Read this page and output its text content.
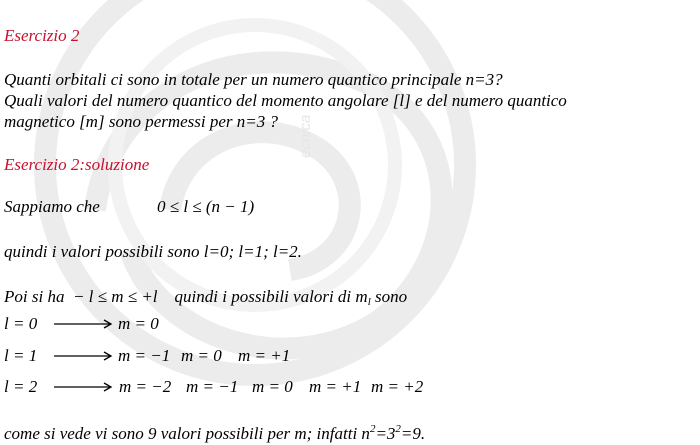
ecnica
Esercizio 2
Quanti orbitali ci sono in totale per un numero quantico principale n=3?
Quali valori del numero quantico del momento angolare [l] e del numero quantico
magnetico [m] sono permessi per n=3 ?
Esercizio 2:soluzione
Sappiamo che	0 ≤ l ≤ (n − 1)
quindi i valori possibili sono l=0; l=1; l=2.
Poi si ha − l ≤ m ≤ +l quindi i possibili valori di $m_l$ sono
l = 0	m = 0
l = 1	m = −1 m = 0 m = +1
l = 2	m = −2 m = −1 m = 0 m = +1 m = +2
come si vede vi sono 9 valori possibili per m; infatti $n^2=3^2=9$.
